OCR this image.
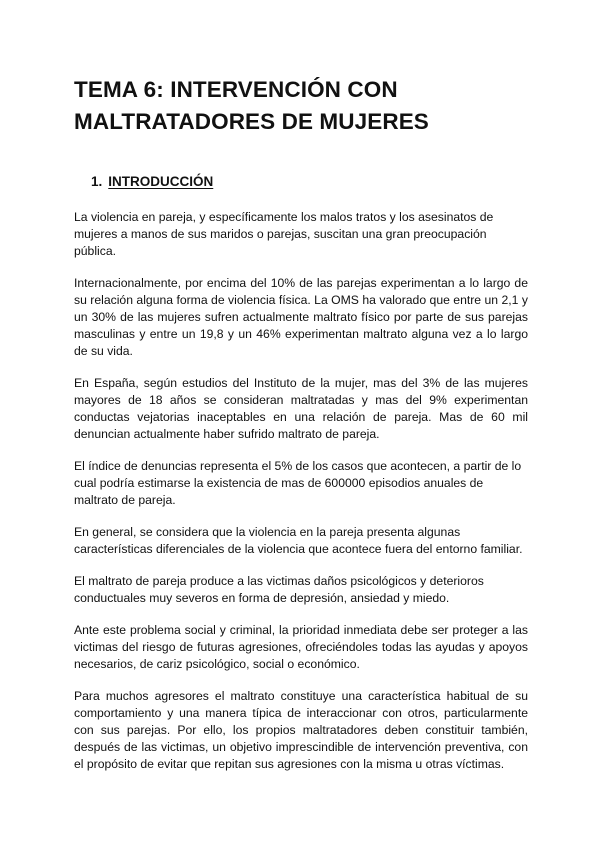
TEMA 6: INTERVENCIÓN CON MALTRATADORES DE MUJERES
1. INTRODUCCIÓN

La violencia en pareja, y específicamente los malos tratos y los asesinatos de mujeres a manos de sus maridos o parejas, suscitan una gran preocupación pública.

Internacionalmente, por encima del 10% de las parejas experimentan a lo largo de su relación alguna forma de violencia física. La OMS ha valorado que entre un 2,1 y un 30% de las mujeres sufren actualmente maltrato físico por parte de sus parejas masculinas y entre un 19,8 y un 46% experimentan maltrato alguna vez a lo largo de su vida.

En España, según estudios del Instituto de la mujer, mas del 3% de las mujeres mayores de 18 años se consideran maltratadas y mas del 9% experimentan conductas vejatorias inaceptables en una relación de pareja. Mas de 60 mil denuncian actualmente haber sufrido maltrato de pareja.

El índice de denuncias representa el 5% de los casos que acontecen, a partir de lo cual podría estimarse la existencia de mas de 600000 episodios anuales de maltrato de pareja.

En general, se considera que la violencia en la pareja presenta algunas características diferenciales de la violencia que acontece fuera del entorno familiar.

El maltrato de pareja produce a las victimas daños psicológicos y deterioros conductuales muy severos en forma de depresión, ansiedad y miedo.

Ante este problema social y criminal, la prioridad inmediata debe ser proteger a las victimas del riesgo de futuras agresiones, ofreciéndoles todas las ayudas y apoyos necesarios, de cariz psicológico, social o económico.

Para muchos agresores el maltrato constituye una característica habitual de su comportamiento y una manera típica de interaccionar con otros, particularmente con sus parejas. Por ello, los propios maltratadores deben constituir también, después de las victimas, un objetivo imprescindible de intervención preventiva, con el propósito de evitar que repitan sus agresiones con la misma u otras víctimas.
